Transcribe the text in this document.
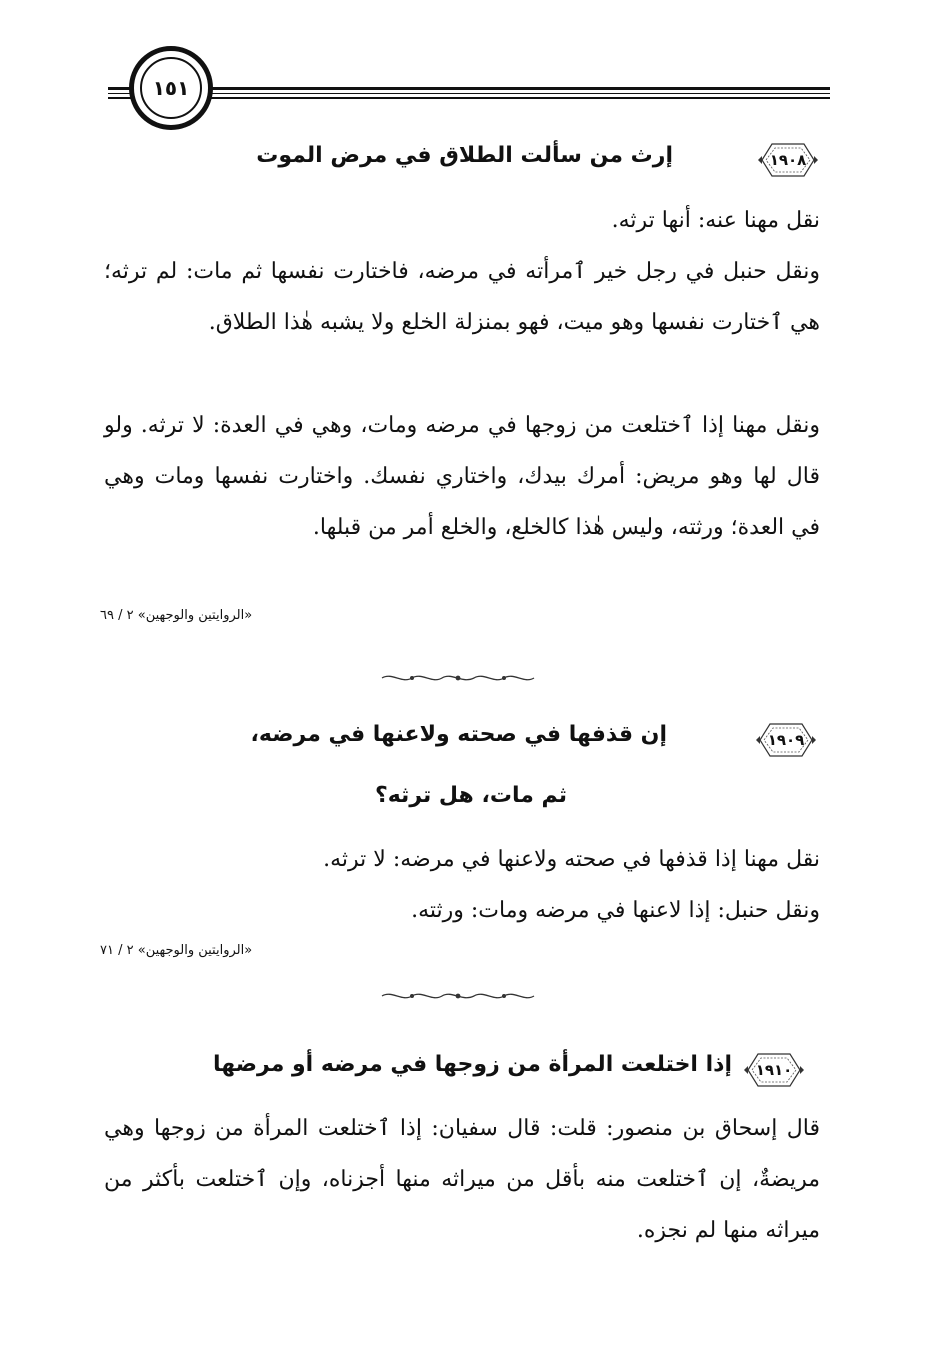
١٥١
١٩٠٨
إرث من سألت الطلاق في مرض الموت
نقل مهنا عنه: أنها ترثه.
ونقل حنبل في رجل خير ٱمرأته في مرضه، فاختارت نفسها ثم مات: لم ترثه؛ هي ٱختارت نفسها وهو ميت، فهو بمنزلة الخلع ولا يشبه هٰذا الطلاق.
ونقل مهنا إذا ٱختلعت من زوجها في مرضه ومات، وهي في العدة: لا ترثه. ولو قال لها وهو مريض: أمرك بيدك، واختاري نفسك. واختارت نفسها ومات وهي في العدة؛ ورثته، وليس هٰذا كالخلع، والخلع أمر من قبلها.
«الروايتين والوجهين» ٢ / ٦٩
١٩٠٩
إن قذفها في صحته ولاعنها في مرضه،
ثم مات، هل ترثه؟
نقل مهنا إذا قذفها في صحته ولاعنها في مرضه: لا ترثه.
ونقل حنبل: إذا لاعنها في مرضه ومات: ورثته.
«الروايتين والوجهين» ٢ / ٧١
١٩١٠
إذا اختلعت المرأة من زوجها في مرضه أو مرضها
قال إسحاق بن منصور: قلت: قال سفيان: إذا ٱختلعت المرأة من زوجها وهي مريضةٌ، إن ٱختلعت منه بأقل من ميراثه منها أجزناه، وإن ٱختلعت بأكثر من ميراثه منها لم نجزه.
